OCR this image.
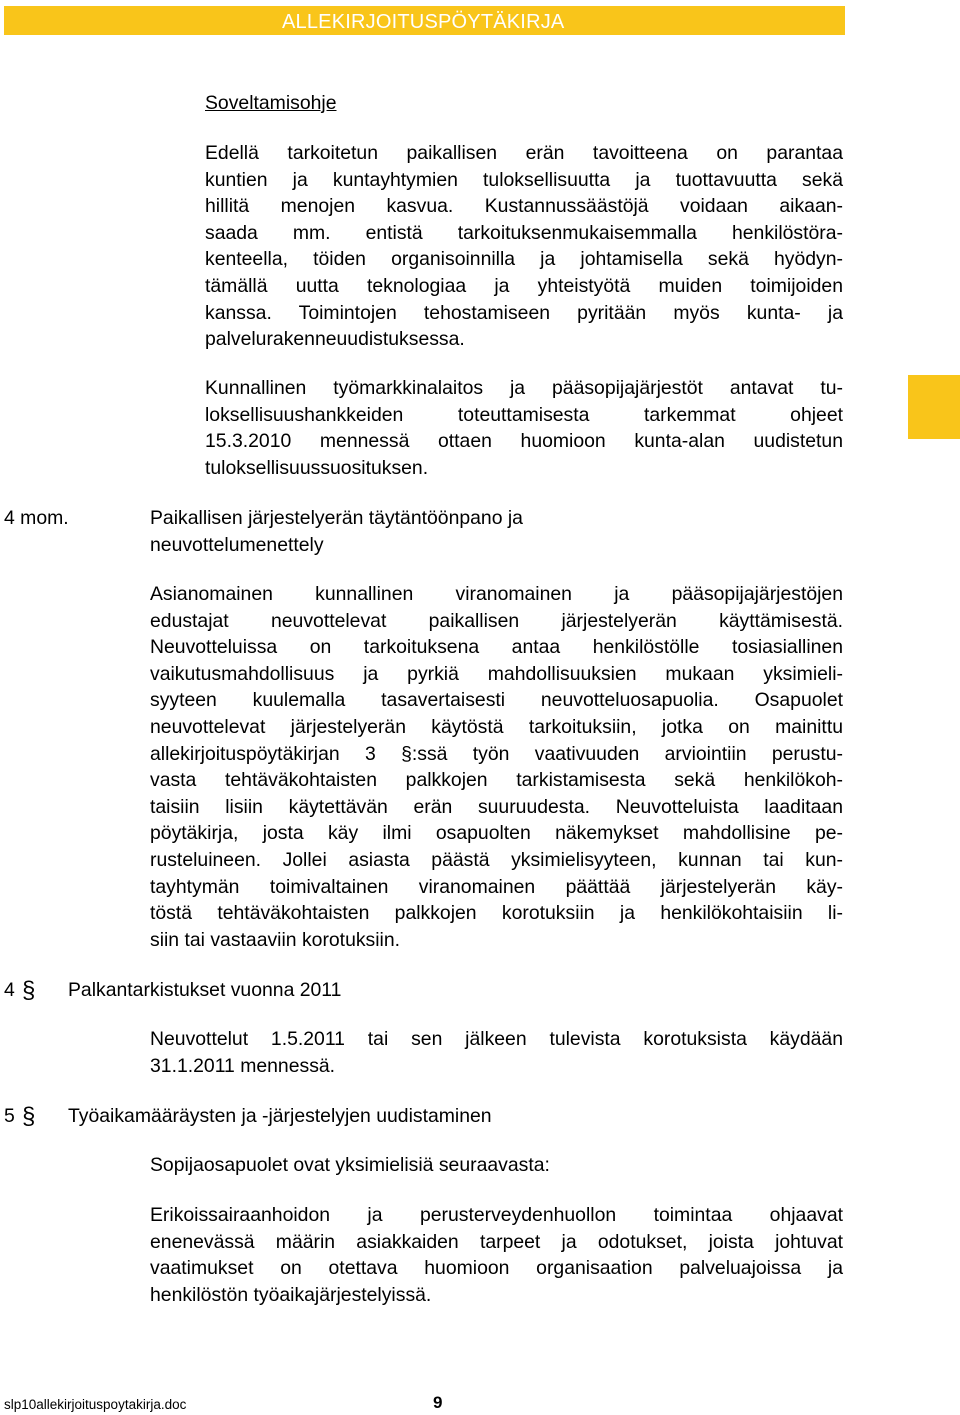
ALLEKIRJOITUSPÖYTÄKIRJA
Soveltamisohje
Edellä tarkoitetun paikallisen erän tavoitteena on parantaa
kuntien ja kuntayhtymien tuloksellisuutta ja tuottavuutta sekä
hillitä menojen kasvua. Kustannussäästöjä voidaan aikaan-
saada mm. entistä tarkoituksenmukaisemmalla henkilöstöra-
kenteella, töiden organisoinnilla ja johtamisella sekä hyödyn-
tämällä uutta teknologiaa ja yhteistyötä muiden toimijoiden
kanssa. Toimintojen tehostamiseen pyritään myös kunta- ja
palvelurakenneuudistuksessa.
Kunnallinen työmarkkinalaitos ja pääsopijajärjestöt antavat tu-
loksellisuushankkeiden toteuttamisesta tarkemmat ohjeet
15.3.2010 mennessä ottaen huomioon kunta-alan uudistetun
tuloksellisuussuosituksen.
4 mom.	Paikallisen järjestelyerän täytäntöönpano ja
neuvottelumenettely
Asianomainen kunnallinen viranomainen ja pääsopijajärjestöjen
edustajat neuvottelevat paikallisen järjestelyerän käyttämisestä.
Neuvotteluissa on tarkoituksena antaa henkilöstölle tosiasiallinen
vaikutusmahdollisuus ja pyrkiä mahdollisuuksien mukaan yksimieli-
syyteen kuulemalla tasavertaisesti neuvotteluosapuolia. Osapuolet
neuvottelevat järjestelyerän käytöstä tarkoituksiin, jotka on mainittu
allekirjoituspöytäkirjan 3 §:ssä työn vaativuuden arviointiin perustu-
vasta tehtäväkohtaisten palkkojen tarkistamisesta sekä henkilökoh-
taisiin lisiin käytettävän erän suuruudesta. Neuvotteluista laaditaan
pöytäkirja, josta käy ilmi osapuolten näkemykset mahdollisine pe-
rusteluineen. Jollei asiasta päästä yksimielisyyteen, kunnan tai kun-
tayhtymän toimivaltainen viranomainen päättää järjestelyerän käy-
töstä tehtäväkohtaisten palkkojen korotuksiin ja henkilökohtaisiin li-
siin tai vastaaviin korotuksiin.
4 § Palkantarkistukset vuonna 2011
Neuvottelut 1.5.2011 tai sen jälkeen tulevista korotuksista käydään
31.1.2011 mennessä.
5 § Työaikamääräysten ja -järjestelyjen uudistaminen
Sopijaosapuolet ovat yksimielisiä seuraavasta:
Erikoissairaanhoidon ja perusterveydenhuollon toimintaa ohjaavat
enenevässä määrin asiakkaiden tarpeet ja odotukset, joista johtuvat
vaatimukset on otettava huomioon organisaation palveluajoissa ja
henkilöstön työaikajärjestelyissä.
slp10allekirjoituspoytakirja.doc	9
